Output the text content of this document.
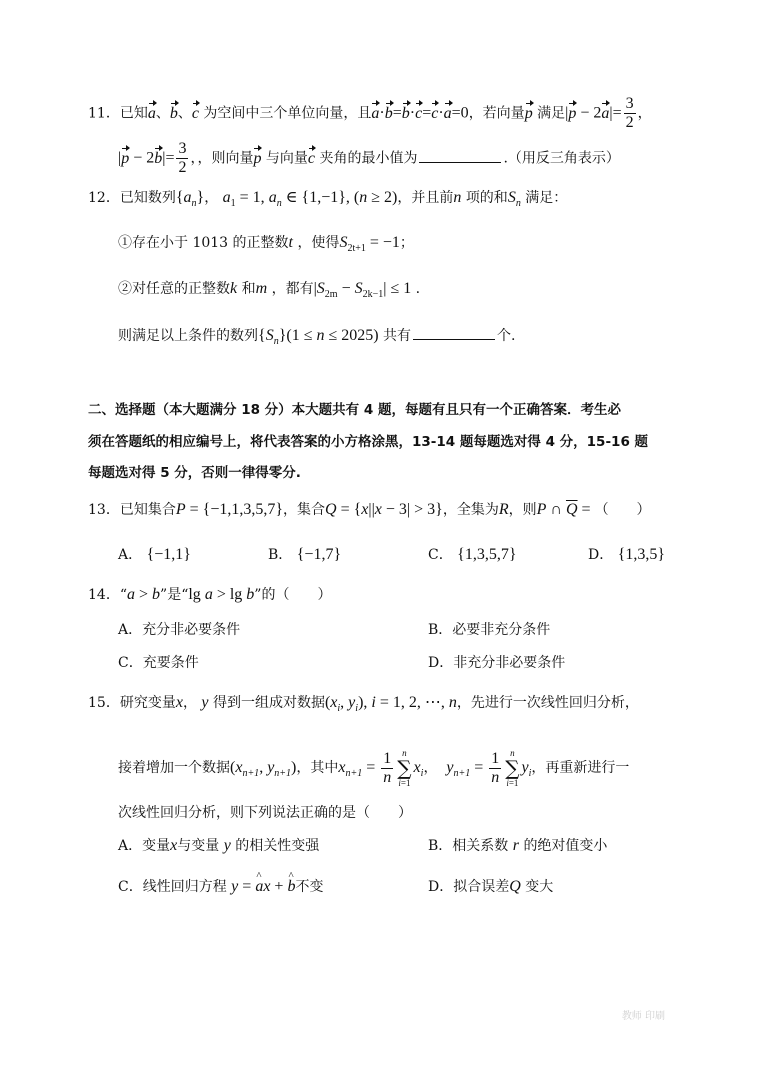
11．已知a、b、c 为空间中三个单位向量，且a·b=b·c=c·a=0，若向量p 满足$|p - 2a|= \frac{3}{2}$ ，
$|p - 2b|= \frac{3}{2}$ ，，则向量p 与向量c 夹角的最小值为	.（用反三角表示）
12．已知数列$\{a_n\}$， $a_1 = 1$, $a_n$ ∈ {1,−1}, (n ≥ 2)，并且前n 项的和$S_n$ 满足：
①存在小于 1013 的正整数t ，使得$S_{2t+1} = -1$；
②对任意的正整数k 和m ，都有$|S_{2m} - S_{2k-1}| \le 1$ .
则满足以上条件的数列$\{S_n\}(1 \le n \le 2025)$ 共有	个.
二、选择题（本大题满分 18 分）本大题共有 4 题，每题有且只有一个正确答案．考生必
须在答题纸的相应编号上，将代表答案的小方格涂黑，13-14 题每题选对得 4 分，15-16 题
每题选对得 5 分，否则一律得零分.
13．已知集合P = {−1,1,3,5,7}，集合Q = {x||x − 3| > 3}，全集为R，则P ∩ $\overline{Q}$ = （　　）
A． {−1,1}	B． {−1,7}	C． {1,3,5,7}	D． {1,3,5}
14．“a > b”是“lg a > lg b”的（　　）
A．充分非必要条件	B．必要非充分条件
C．充要条件	D．非充分非必要条件
15．研究变量x， y 得到一组成对数据($x_i$, $y_i$), i = 1, 2, ⋯, n，先进行一次线性回归分析，
接着增加一个数据($x_{n+1}$, $y_{n+1}$)，其中$x_{n+1} = \frac{1}{n}$ n
∑
i=1
$x_i$， $y_{n+1} = \frac{1}{n}$ n
∑
i=1
$y_i$，再重新进行一
次线性回归分析，则下列说法正确的是（　　）
A．变量x与变量 y 的相关性变强	B．相关系数 r 的绝对值变小
C．线性回归方程 y = a ^x + b ^不变	D．拟合误差Q 变大
教师 印刷
